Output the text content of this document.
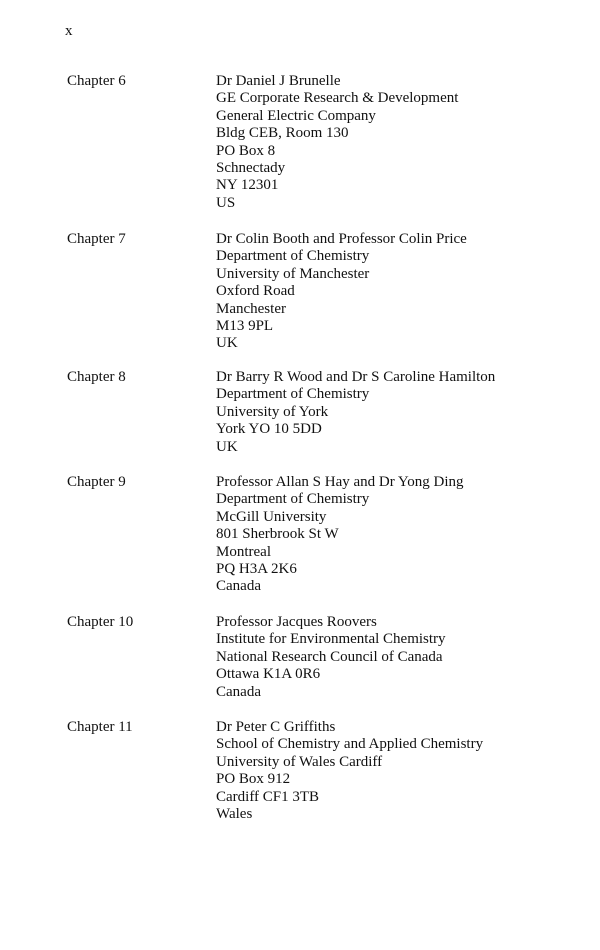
x
Chapter 6	Dr Daniel J Brunelle
GE Corporate Research & Development
General Electric Company
Bldg CEB, Room 130
PO Box 8
Schnectady
NY 12301
US
Chapter 7	Dr Colin Booth and Professor Colin Price
Department of Chemistry
University of Manchester
Oxford Road
Manchester
M13 9PL
UK
Chapter 8	Dr Barry R Wood and Dr S Caroline Hamilton
Department of Chemistry
University of York
York YO 10 5DD
UK
Chapter 9	Professor Allan S Hay and Dr Yong Ding
Department of Chemistry
McGill University
801 Sherbrook St W
Montreal
PQ H3A 2K6
Canada
Chapter 10	Professor Jacques Roovers
Institute for Environmental Chemistry
National Research Council of Canada
Ottawa K1A 0R6
Canada
Chapter 11	Dr Peter C Griffiths
School of Chemistry and Applied Chemistry
University of Wales Cardiff
PO Box 912
Cardiff CF1 3TB
Wales
